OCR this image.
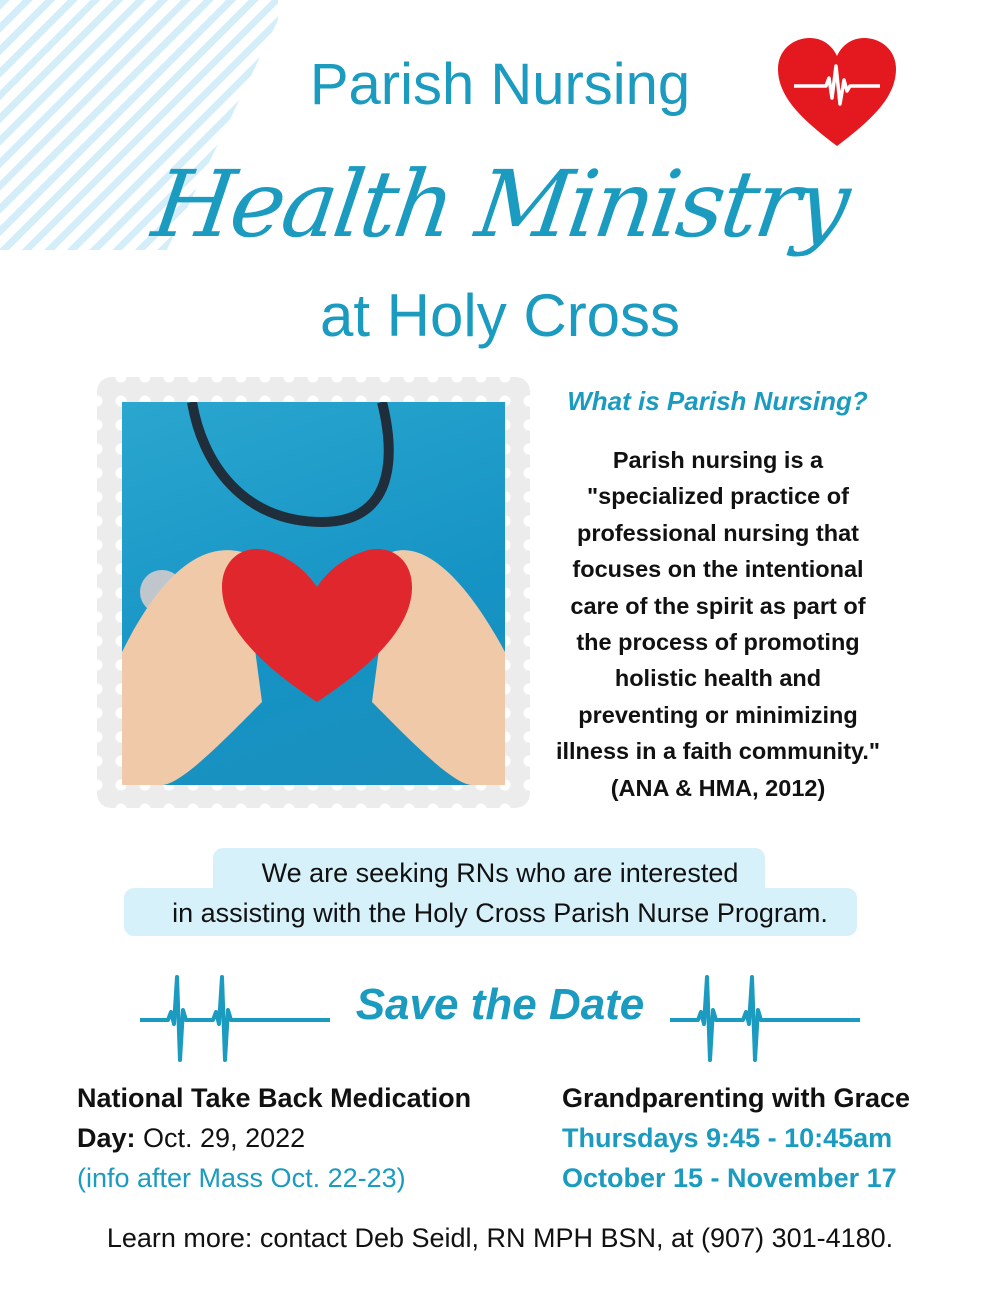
Parish Nursing
Health Ministry
at Holy Cross
What is Parish Nursing?
Parish nursing is a
"specialized practice of
professional nursing that
focuses on the intentional
care of the spirit as part of
the process of promoting
holistic health and
preventing or minimizing
illness in a faith community."
(ANA & HMA, 2012)
We are seeking RNs who are interested
in assisting with the Holy Cross Parish Nurse Program.
Save the Date
National Take Back Medication
Day: Oct. 29, 2022
(info after Mass Oct. 22-23)
Grandparenting with Grace
Thursdays 9:45 - 10:45am
October 15 - November 17
Learn more: contact Deb Seidl, RN MPH BSN, at (907) 301-4180.
